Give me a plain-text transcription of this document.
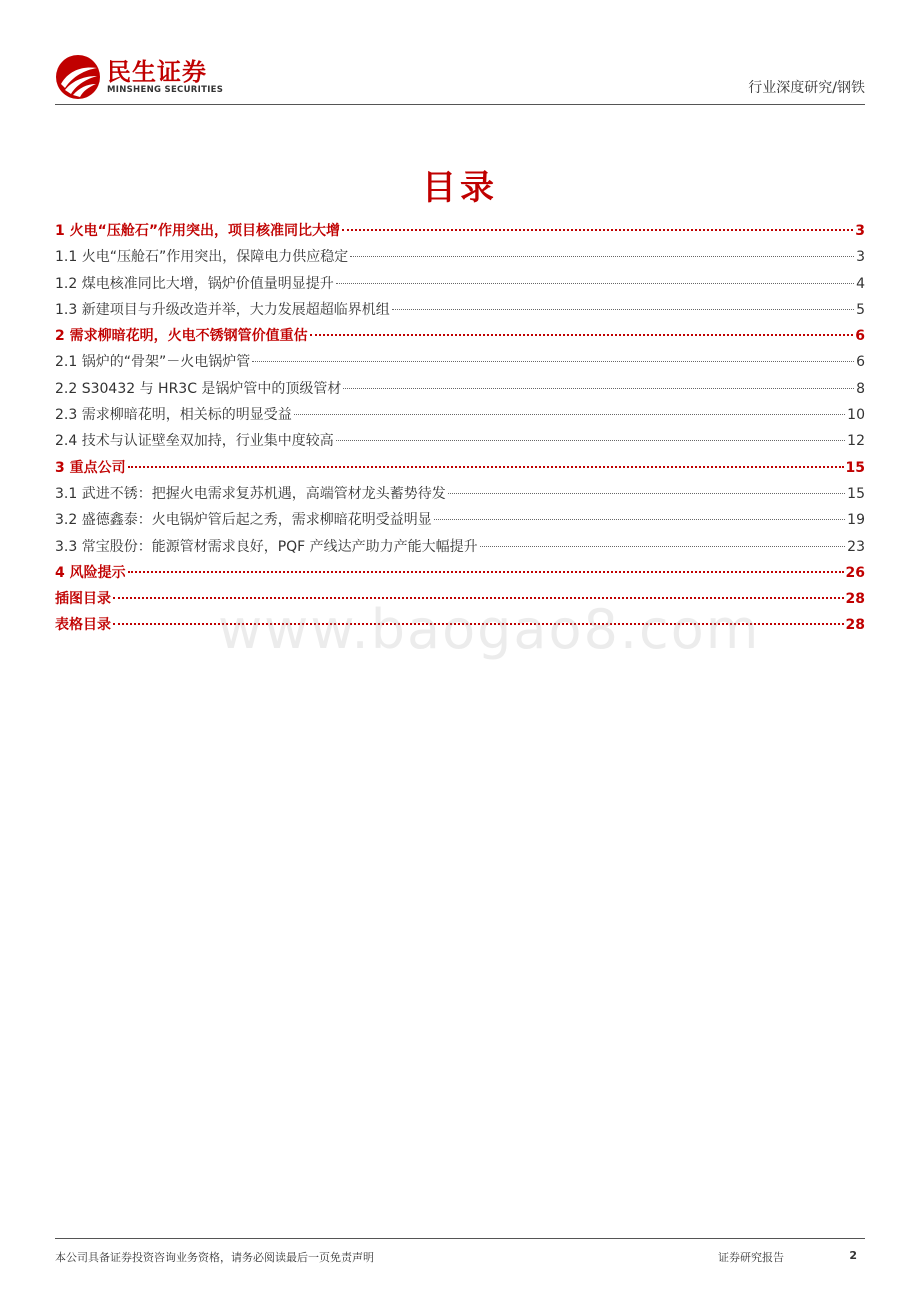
民生证券
MINSHENG SECURITIES	行业深度研究/钢铁
目录
1 火电“压舱石”作用突出，项目核准同比大增	3
1.1 火电“压舱石”作用突出，保障电力供应稳定	3
1.2 煤电核准同比大增，锅炉价值量明显提升	4
1.3 新建项目与升级改造并举，大力发展超超临界机组	5
2 需求柳暗花明，火电不锈钢管价值重估	6
2.1 锅炉的“骨架”－火电锅炉管	6
2.2 S30432 与 HR3C 是锅炉管中的顶级管材	8
2.3 需求柳暗花明，相关标的明显受益	10
2.4 技术与认证壁垒双加持，行业集中度较高	12
3 重点公司	15
3.1 武进不锈：把握火电需求复苏机遇，高端管材龙头蓄势待发	15
3.2 盛德鑫泰：火电锅炉管后起之秀，需求柳暗花明受益明显	19
3.3 常宝股份：能源管材需求良好，PQF 产线达产助力产能大幅提升	23
4 风险提示	26
插图目录	28
表格目录	28
www.baogao8.com
本公司具备证券投资咨询业务资格，请务必阅读最后一页免责声明	证券研究报告	2
